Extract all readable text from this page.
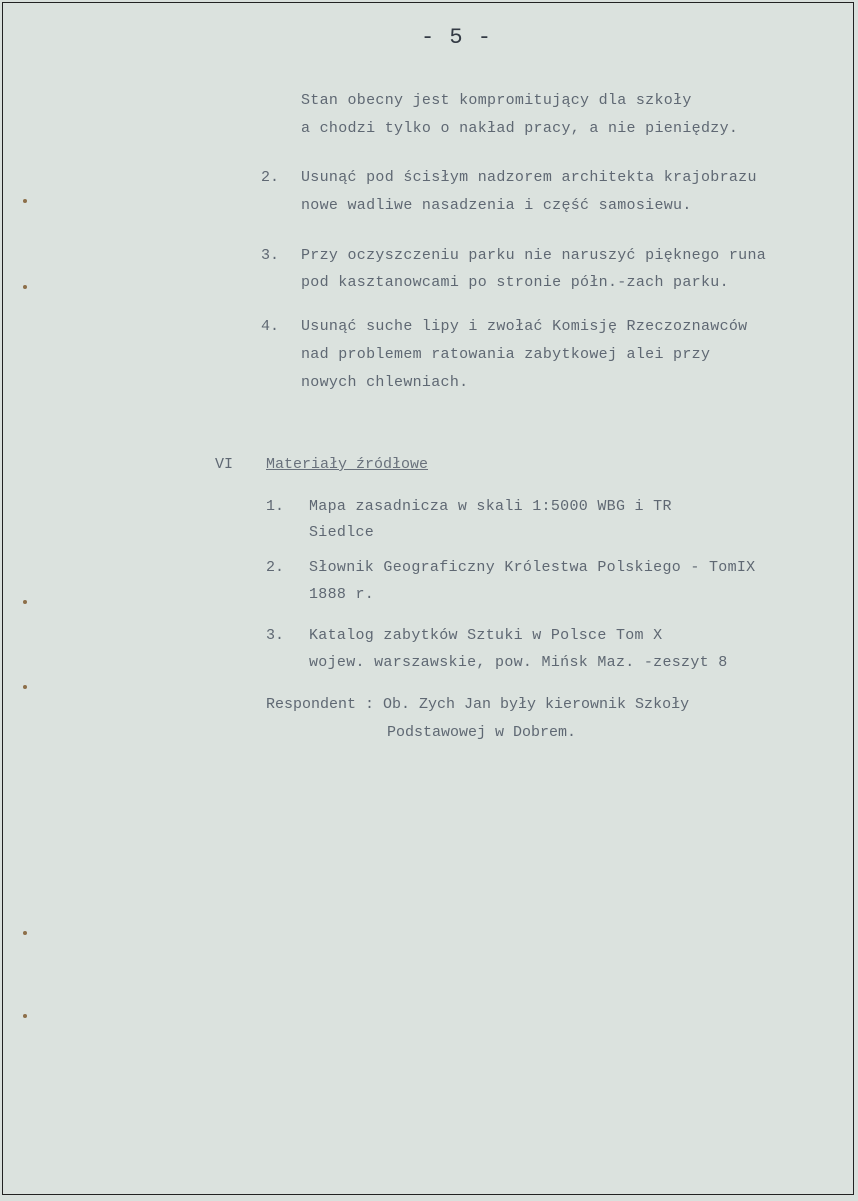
- 5 -
Stan obecny jest kompromitujący dla szkoły
a chodzi tylko o nakład pracy, a nie pieniędzy.
2. Usunąć pod ścisłym nadzorem architekta krajobrazu
nowe wadliwe nasadzenia i część samosiewu.
3. Przy oczyszczeniu parku nie naruszyć pięknego runa
pod kasztanowcami po stronie półn.-zach parku.
4. Usunąć suche lipy i zwołać Komisję Rzeczoznawców
nad problemem ratowania zabytkowej alei przy
nowych chlewniach.
VI Materiały źródłowe
1. Mapa zasadnicza w skali 1:5000 WBG i TR
Siedlce
2. Słownik Geograficzny Królestwa Polskiego - TomIX
1888 r.
3. Katalog zabytków Sztuki w Polsce Tom X
wojew. warszawskie, pow. Mińsk Maz. -zeszyt 8
Respondent : Ob. Zych Jan były kierownik Szkoły
Podstawowej w Dobrem.
